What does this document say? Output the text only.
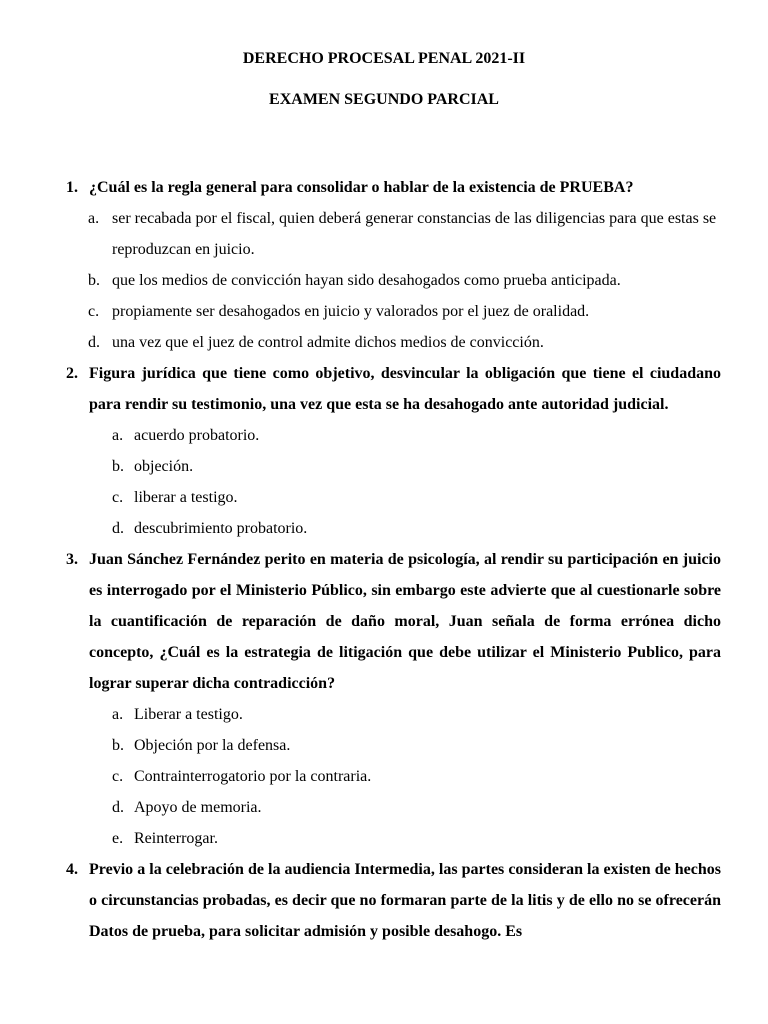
DERECHO PROCESAL PENAL 2021-II
EXAMEN SEGUNDO PARCIAL
1. ¿Cuál es la regla general para consolidar o hablar de la existencia de PRUEBA?
a. ser recabada por el fiscal, quien deberá generar constancias de las diligencias para que estas se reproduzcan en juicio.
b. que los medios de convicción hayan sido desahogados como prueba anticipada.
c. propiamente ser desahogados en juicio y valorados por el juez de oralidad.
d. una vez que el juez de control admite dichos medios de convicción.
2. Figura jurídica que tiene como objetivo, desvincular la obligación que tiene el ciudadano para rendir su testimonio, una vez que esta se ha desahogado ante autoridad judicial.
a. acuerdo probatorio.
b. objeción.
c. liberar a testigo.
d. descubrimiento probatorio.
3. Juan Sánchez Fernández perito en materia de psicología, al rendir su participación en juicio es interrogado por el Ministerio Público, sin embargo este advierte que al cuestionarle sobre la cuantificación de reparación de daño moral, Juan señala de forma errónea dicho concepto, ¿Cuál es la estrategia de litigación que debe utilizar el Ministerio Publico, para lograr superar dicha contradicción?
a. Liberar a testigo.
b. Objeción por la defensa.
c. Contrainterrogatorio por la contraria.
d. Apoyo de memoria.
e. Reinterrogar.
4. Previo a la celebración de la audiencia Intermedia, las partes consideran la existen de hechos o circunstancias probadas, es decir que no formaran parte de la litis y de ello no se ofrecerán Datos de prueba, para solicitar admisión y posible desahogo. Es
